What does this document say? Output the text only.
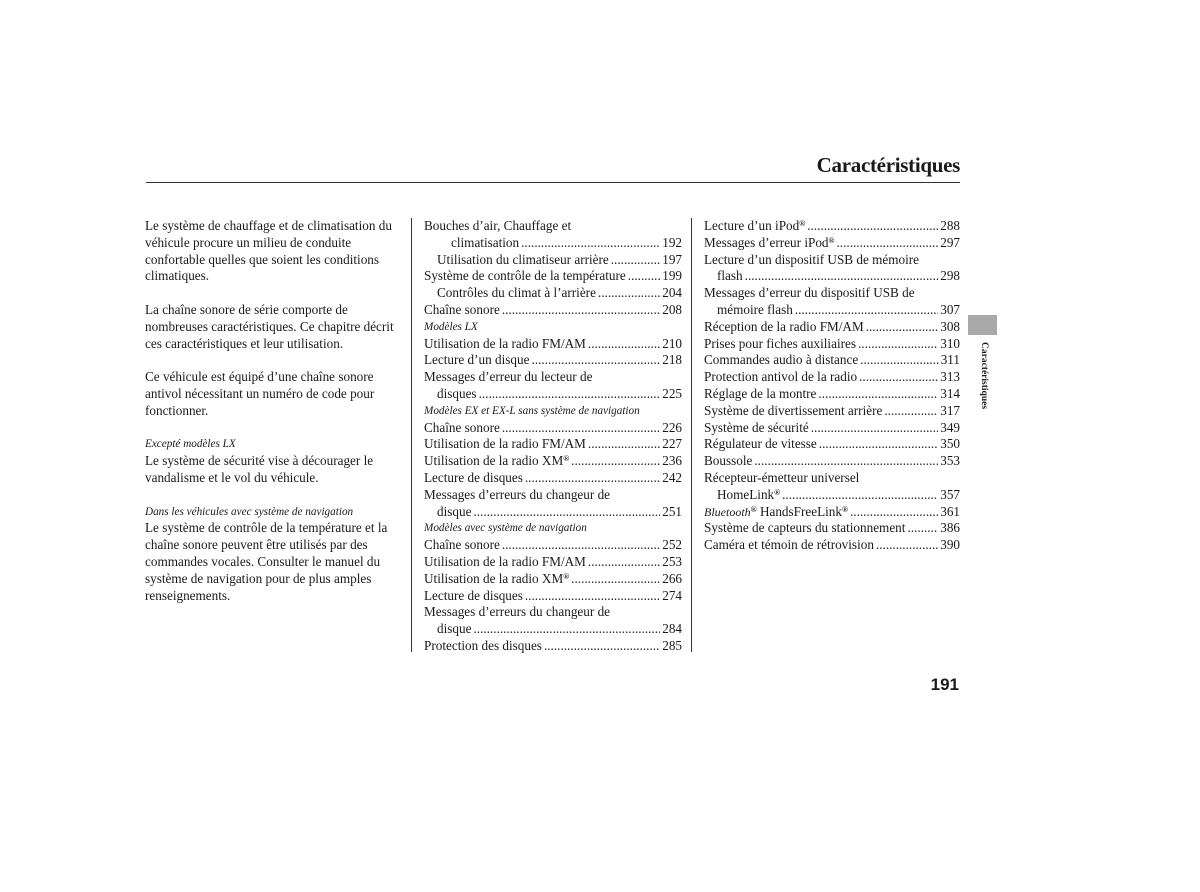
Caractéristiques

Le système de chauffage et de climatisation du véhicule procure un milieu de conduite confortable quelles que soient les conditions climatiques.

La chaîne sonore de série comporte de nombreuses caractéristiques. Ce chapitre décrit ces caractéristiques et leur utilisation.

Ce véhicule est équipé d’une chaîne sonore antivol nécessitant un numéro de code pour fonctionner.

Excepté modèles LX

Le système de sécurité vise à décourager le vandalisme et le vol du véhicule.

Dans les véhicules avec système de navigation

Le système de contrôle de la température et la chaîne sonore peuvent être utilisés par des commandes vocales. Consulter le manuel du système de navigation pour de plus amples renseignements.

Bouches d’air, Chauffage et
climatisation .....	192
Utilisation du climatiseur arrière .....	197
Système de contrôle de la température .....	199
Contrôles du climat à l’arrière .....	204
Chaîne sonore .....	208
Modèles LX
Utilisation de la radio FM/AM .....	210
Lecture d’un disque .....	218
Messages d’erreur du lecteur de
disques .....	225
Modèles EX et EX-L sans système de navigation
Chaîne sonore .....	226
Utilisation de la radio FM/AM .....	227
Utilisation de la radio XM® .....	236
Lecture de disques .....	242
Messages d’erreurs du changeur de
disque .....	251
Modèles avec système de navigation
Chaîne sonore .....	252
Utilisation de la radio FM/AM .....	253
Utilisation de la radio XM® .....	266
Lecture de disques .....	274
Messages d’erreurs du changeur de
disque .....	284
Protection des disques .....	285
Lecture d’un iPod® .....	288
Messages d’erreur iPod® .....	297
Lecture d’un dispositif USB de mémoire
flash .....	298
Messages d’erreur du dispositif USB de
mémoire flash .....	307
Réception de la radio FM/AM .....	308
Prises pour fiches auxiliaires .....	310
Commandes audio à distance .....	311
Protection antivol de la radio .....	313
Réglage de la montre .....	314
Système de divertissement arrière .....	317
Système de sécurité .....	349
Régulateur de vitesse .....	350
Boussole .....	353
Récepteur-émetteur universel
HomeLink® .....	357
Bluetooth® HandsFreeLink® .....	361
Système de capteurs du stationnement .....	386
Caméra et témoin de rétrovision .....	390
Caractéristiques
191
